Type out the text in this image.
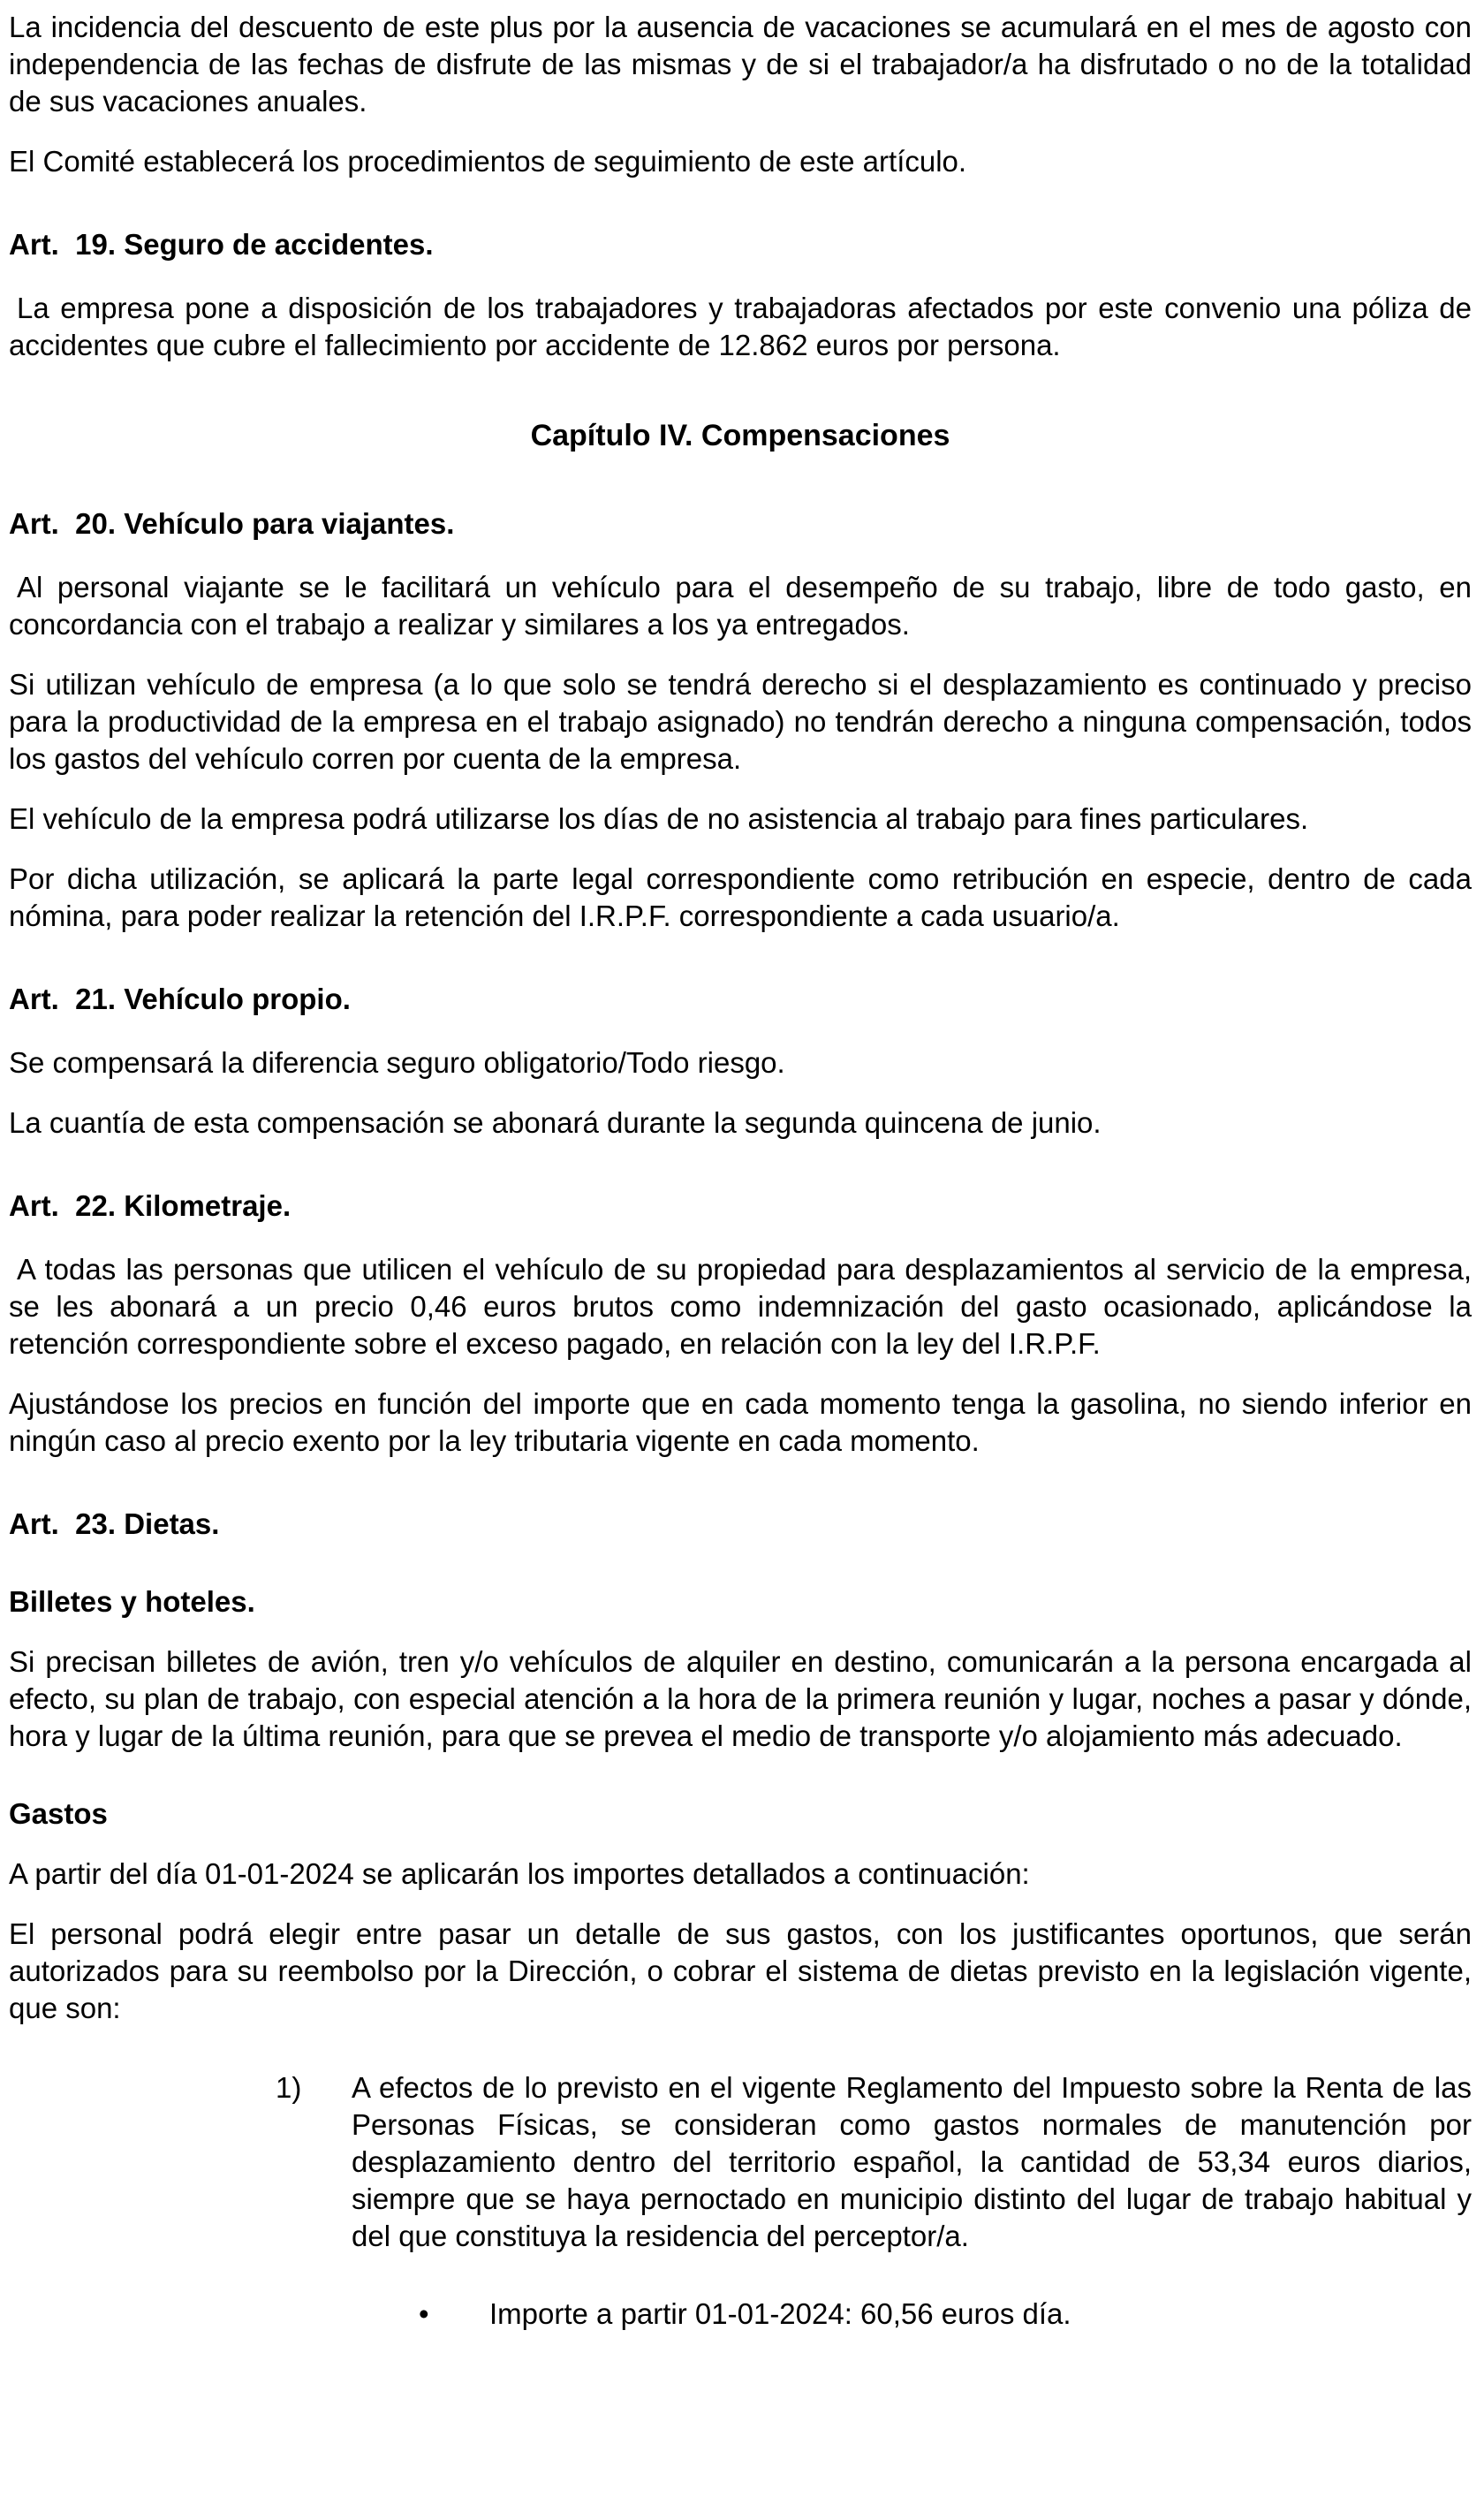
La incidencia del descuento de este plus por la ausencia de vacaciones se acumulará en el mes de agosto con independencia de las fechas de disfrute de las mismas y de si el trabajador/a ha disfrutado o no de la totalidad de sus vacaciones anuales.

El Comité establecerá los procedimientos de seguimiento de este artículo.

Art.  19. Seguro de accidentes.

La empresa pone a disposición de los trabajadores y trabajadoras afectados por este convenio una póliza de accidentes que cubre el fallecimiento por accidente de 12.862 euros por persona.

Capítulo IV. Compensaciones
Art.  20. Vehículo para viajantes.

Al personal viajante se le facilitará un vehículo para el desempeño de su trabajo, libre de todo gasto, en concordancia con el trabajo a realizar y similares a los ya entregados.

Si utilizan vehículo de empresa (a lo que solo se tendrá derecho si el desplazamiento es continuado y preciso para la productividad de la empresa en el trabajo asignado) no tendrán derecho a ninguna compensación, todos los gastos del vehículo corren por cuenta de la empresa.

El vehículo de la empresa podrá utilizarse los días de no asistencia al trabajo para fines particulares.

Por dicha utilización, se aplicará la parte legal correspondiente como retribución en especie, dentro de cada nómina, para poder realizar la retención del I.R.P.F. correspondiente a cada usuario/a.

Art.  21. Vehículo propio.

Se compensará la diferencia seguro obligatorio/Todo riesgo.

La cuantía de esta compensación se abonará durante la segunda quincena de junio.

Art.  22. Kilometraje.

A todas las personas que utilicen el vehículo de su propiedad para desplazamientos al servicio de la empresa, se les abonará a un precio 0,46 euros brutos como indemnización del gasto ocasionado, aplicándose la retención correspondiente sobre el exceso pagado, en relación con la ley del I.R.P.F.

Ajustándose los precios en función del importe que en cada momento tenga la gasolina, no siendo inferior en ningún caso al precio exento por la ley tributaria vigente en cada momento.

Art.  23. Dietas.
Billetes y hoteles.

Si precisan billetes de avión, tren y/o vehículos de alquiler en destino, comunicarán a la persona encargada al efecto, su plan de trabajo, con especial atención a la hora de la primera reunión y lugar, noches a pasar y dónde, hora y lugar de la última reunión, para que se prevea el medio de transporte y/o alojamiento más adecuado.

Gastos

A partir del día 01-01-2024 se aplicarán los importes detallados a continuación:

El personal podrá elegir entre pasar un detalle de sus gastos, con los justificantes oportunos, que serán autorizados para su reembolso por la Dirección, o cobrar el sistema de dietas previsto en la legislación vigente, que son:

1)	A efectos de lo previsto en el vigente Reglamento del Impuesto sobre la Renta de las Personas Físicas, se consideran como gastos normales de manutención por desplazamiento dentro del territorio español, la cantidad de 53,34 euros diarios, siempre que se haya pernoctado en municipio distinto del lugar de trabajo habitual y del que constituya la residencia del perceptor/a.
•	Importe a partir 01-01-2024: 60,56 euros día.
